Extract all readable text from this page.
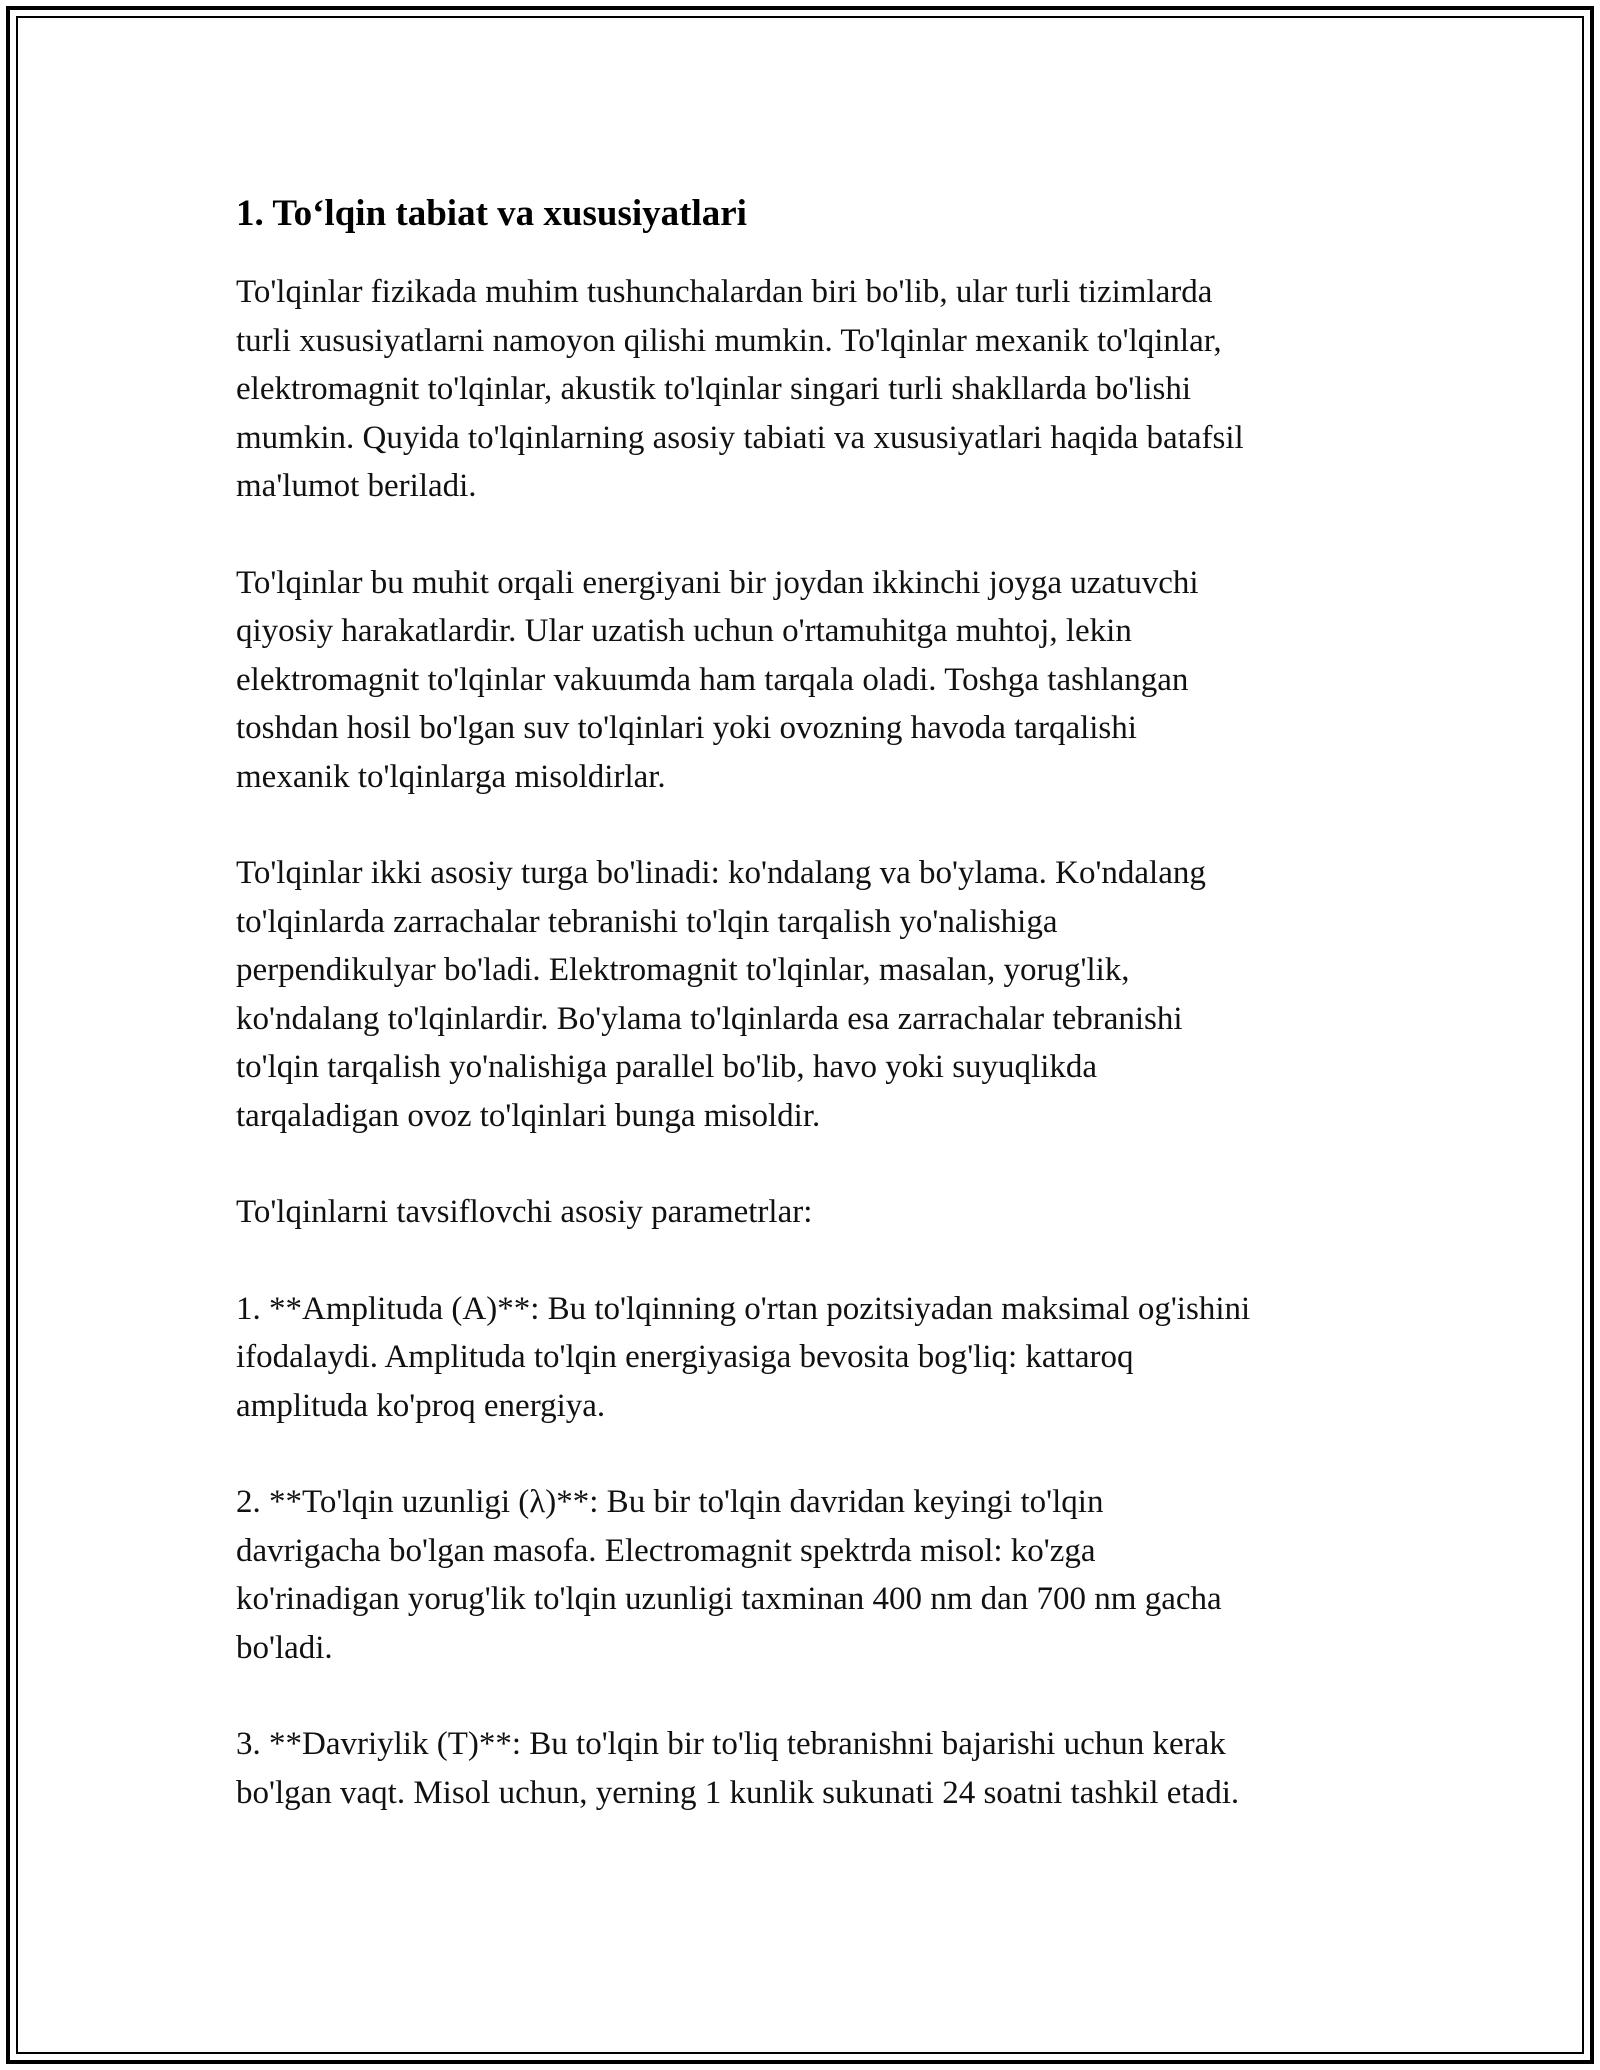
1. To‘lqin tabiat va xususiyatlari

To'lqinlar fizikada muhim tushunchalardan biri bo'lib, ular turli tizimlarda
turli xususiyatlarni namoyon qilishi mumkin. To'lqinlar mexanik to'lqinlar,
elektromagnit to'lqinlar, akustik to'lqinlar singari turli shakllarda bo'lishi
mumkin. Quyida to'lqinlarning asosiy tabiati va xususiyatlari haqida batafsil
ma'lumot beriladi.

To'lqinlar bu muhit orqali energiyani bir joydan ikkinchi joyga uzatuvchi
qiyosiy harakatlardir. Ular uzatish uchun o'rtamuhitga muhtoj, lekin
elektromagnit to'lqinlar vakuumda ham tarqala oladi. Toshga tashlangan
toshdan hosil bo'lgan suv to'lqinlari yoki ovozning havoda tarqalishi
mexanik to'lqinlarga misoldirlar.

To'lqinlar ikki asosiy turga bo'linadi: ko'ndalang va bo'ylama. Ko'ndalang
to'lqinlarda zarrachalar tebranishi to'lqin tarqalish yo'nalishiga
perpendikulyar bo'ladi. Elektromagnit to'lqinlar, masalan, yorug'lik,
ko'ndalang to'lqinlardir. Bo'ylama to'lqinlarda esa zarrachalar tebranishi
to'lqin tarqalish yo'nalishiga parallel bo'lib, havo yoki suyuqlikda
tarqaladigan ovoz to'lqinlari bunga misoldir.

To'lqinlarni tavsiflovchi asosiy parametrlar:

1. **Amplituda (A)**: Bu to'lqinning o'rtan pozitsiyadan maksimal og'ishini
ifodalaydi. Amplituda to'lqin energiyasiga bevosita bog'liq: kattaroq
amplituda ko'proq energiya.

2. **To'lqin uzunligi (λ)**: Bu bir to'lqin davridan keyingi to'lqin
davrigacha bo'lgan masofa. Electromagnit spektrda misol: ko'zga
ko'rinadigan yorug'lik to'lqin uzunligi taxminan 400 nm dan 700 nm gacha
bo'ladi.

3. **Davriylik (T)**: Bu to'lqin bir to'liq tebranishni bajarishi uchun kerak
bo'lgan vaqt. Misol uchun, yerning 1 kunlik sukunati 24 soatni tashkil etadi.
